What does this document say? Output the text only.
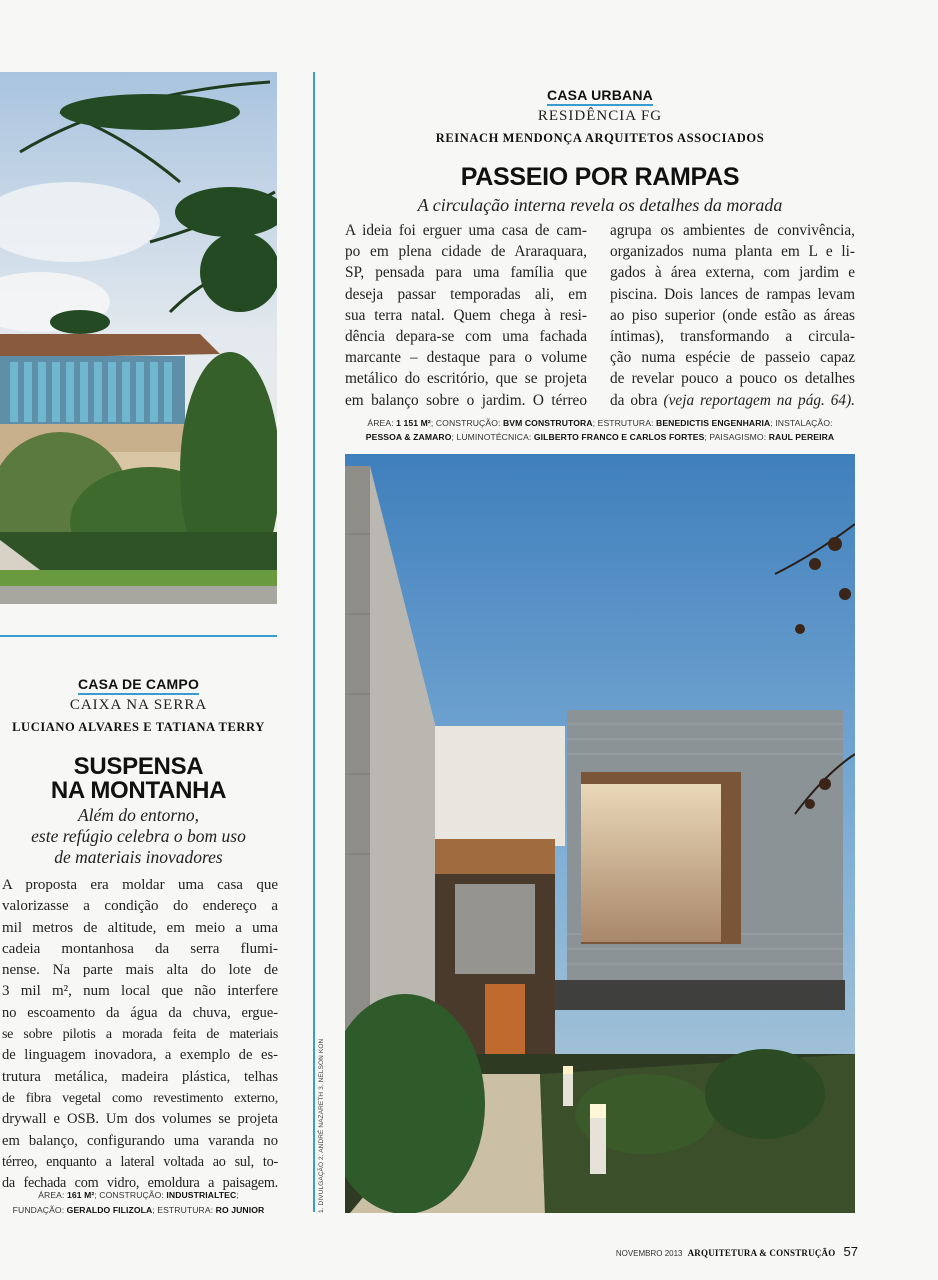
CASA URBANA
RESIDÊNCIA FG
REINACH MENDONÇA ARQUITETOS ASSOCIADOS
PASSEIO POR RAMPAS
A circulação interna revela os detalhes da morada
A ideia foi erguer uma casa de cam-
po em plena cidade de Araraquara,
SP, pensada para uma família que
deseja passar temporadas ali, em
sua terra natal. Quem chega à resi-
dência depara-se com uma fachada
marcante – destaque para o volume
metálico do escritório, que se projeta
em balanço sobre o jardim. O térreo
agrupa os ambientes de convivência,
organizados numa planta em L e li-
gados à área externa, com jardim e
piscina. Dois lances de rampas levam
ao piso superior (onde estão as áreas
íntimas), transformando a circula-
ção numa espécie de passeio capaz
de revelar pouco a pouco os detalhes
da obra (veja reportagem na pág. 64).
ÁREA: 1 151 M²; CONSTRUÇÃO: BVM CONSTRUTORA; ESTRUTURA: BENEDICTIS ENGENHARIA; INSTALAÇÃO:
PESSOA & ZAMARO; LUMINOTÉCNICA: GILBERTO FRANCO E CARLOS FORTES; PAISAGISMO: RAUL PEREIRA
1. DIVULGAÇÃO 2. ANDRÉ NAZARETH 3. NELSON KON
CASA DE CAMPO
CAIXA NA SERRA
LUCIANO ALVARES E TATIANA TERRY
SUSPENSA
NA MONTANHA
Além do entorno,
este refúgio celebra o bom uso
de materiais inovadores
A proposta era moldar uma casa que
valorizasse a condição do endereço a
mil metros de altitude, em meio a uma
cadeia montanhosa da serra flumi-
nense. Na parte mais alta do lote de
3 mil m², num local que não interfere
no escoamento da água da chuva, ergue-
se sobre pilotis a morada feita de materiais
de linguagem inovadora, a exemplo de es-
trutura metálica, madeira plástica, telhas
de fibra vegetal como revestimento externo,
drywall e OSB. Um dos volumes se projeta
em balanço, configurando uma varanda no
térreo, enquanto a lateral voltada ao sul, to-
da fechada com vidro, emoldura a paisagem.
ÁREA: 161 M²; CONSTRUÇÃO: INDUSTRIALTEC;
FUNDAÇÃO: GERALDO FILIZOLA; ESTRUTURA: RO JUNIOR
NOVEMBRO 2013 ARQUITETURA & CONSTRUÇÃO 57
